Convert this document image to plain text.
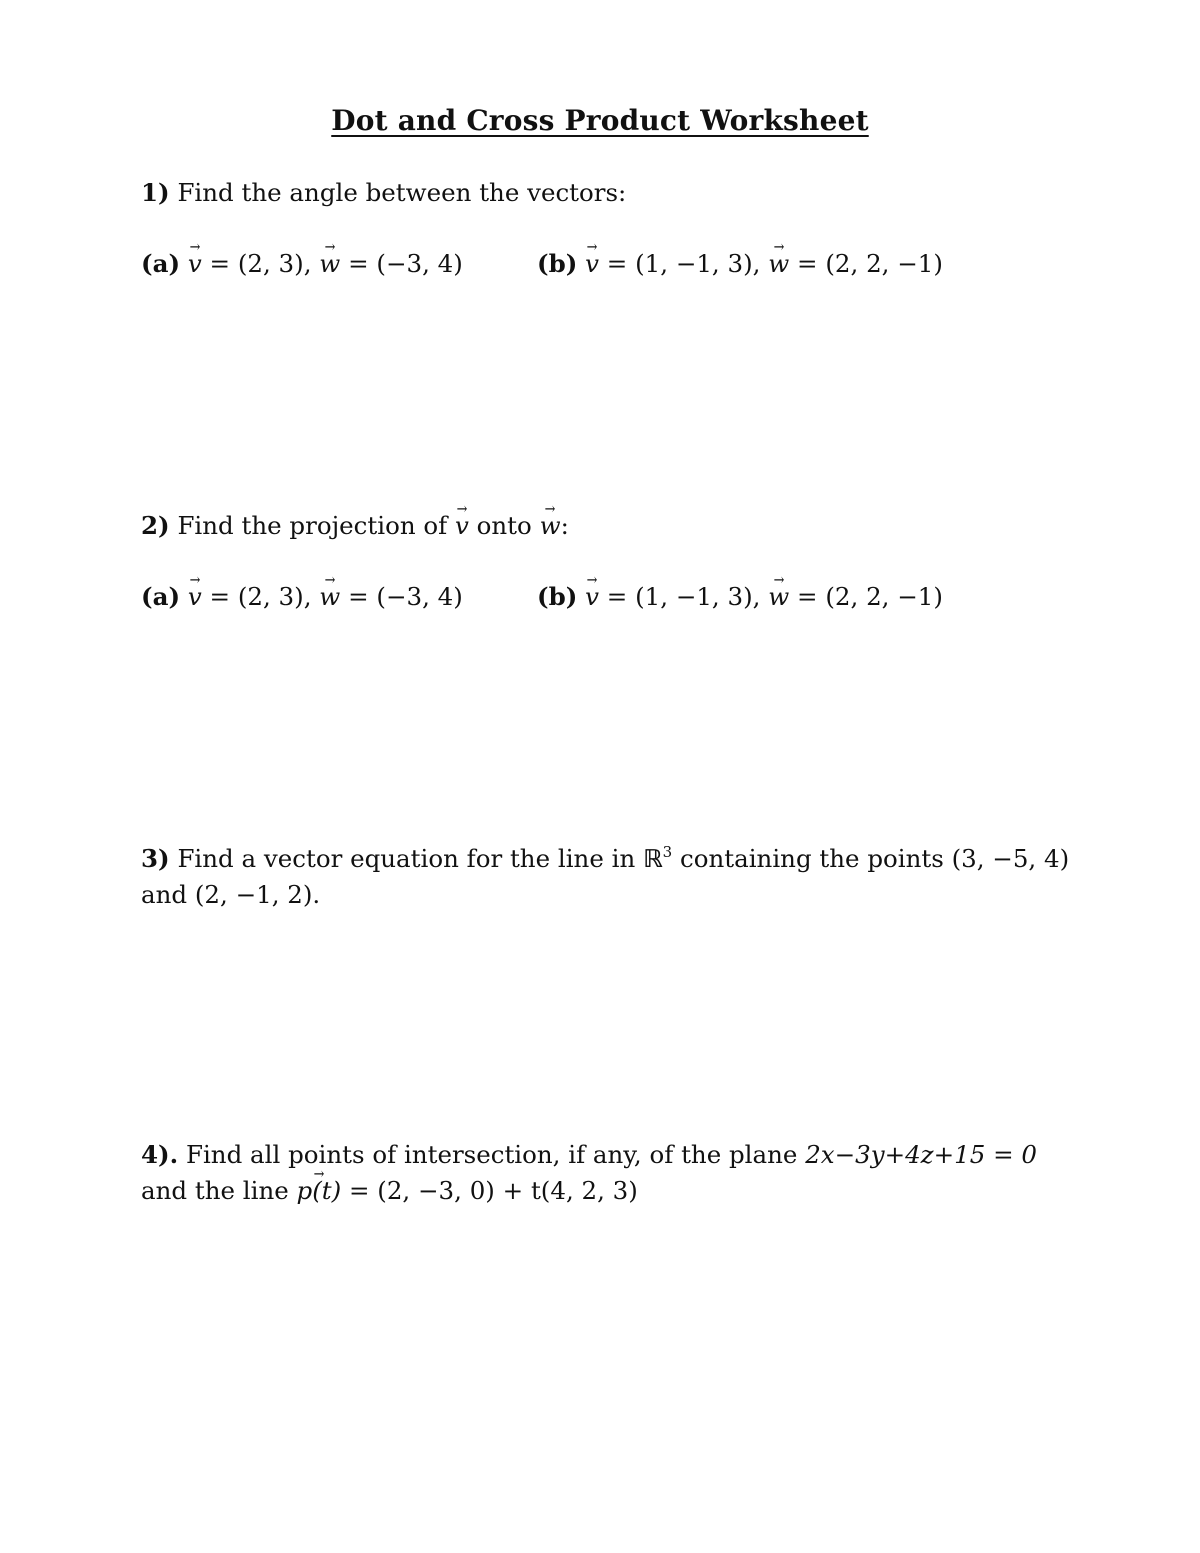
Dot and Cross Product Worksheet
1) Find the angle between the vectors:
(a) → v = (2, 3), → w = (−3, 4)	(b) → v = (1, −1, 3), → w = (2, 2, −1)
2) Find the projection of → v onto → w:
(a) → v = (2, 3), → w = (−3, 4)	(b) → v = (1, −1, 3), → w = (2, 2, −1)
3) Find a vector equation for the line in ℝ$^3$ containing the points (3, −5, 4)
and (2, −1, 2).
4). Find all points of intersection, if any, of the plane 2x−3y+4z+15 = 0
and the line → p(t) = (2, −3, 0) + t(4, 2, 3)
